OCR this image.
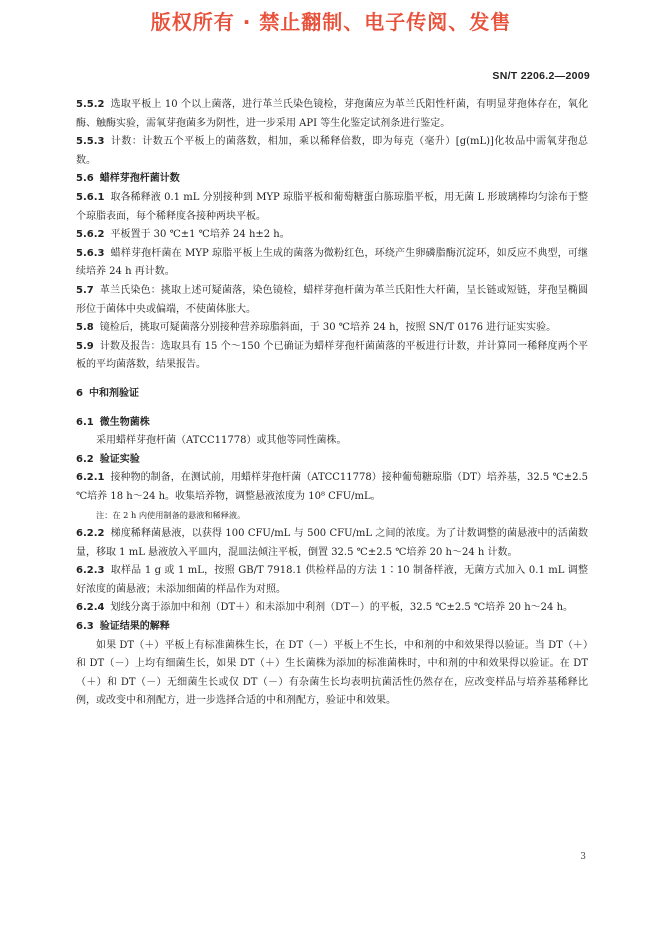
版权所有 · 禁止翻制、电子传阅、发售
SN/T 2206.2—2009

5.5.2 选取平板上 10 个以上菌落，进行革兰氏染色镜检，芽孢菌应为革兰氏阳性杆菌，有明显芽孢体存在，氧化酶、触酶实验，需氧芽孢菌多为阴性，进一步采用 API 等生化鉴定试剂条进行鉴定。

5.5.3 计数：计数五个平板上的菌落数，相加，乘以稀释倍数，即为每克（毫升）[g(mL)]化妆品中需氧芽孢总数。

5.6 蜡样芽孢杆菌计数

5.6.1 取各稀释液 0.1 mL 分别接种到 MYP 琼脂平板和葡萄糖蛋白胨琼脂平板，用无菌 L 形玻璃棒均匀涂布于整个琼脂表面，每个稀释度各接种两块平板。

5.6.2 平板置于 30 ℃±1 ℃培养 24 h±2 h。

5.6.3 蜡样芽孢杆菌在 MYP 琼脂平板上生成的菌落为微粉红色，环绕产生卵磷脂酶沉淀环，如反应不典型，可继续培养 24 h 再计数。

5.7 革兰氏染色：挑取上述可疑菌落，染色镜检，蜡样芽孢杆菌为革兰氏阳性大杆菌，呈长链或短链，芽孢呈椭圆形位于菌体中央或偏端，不使菌体胀大。

5.8 镜检后，挑取可疑菌落分别接种营养琼脂斜面，于 30 ℃培养 24 h，按照 SN/T 0176 进行证实实验。

5.9 计数及报告：选取具有 15 个～150 个已确证为蜡样芽孢杆菌菌落的平板进行计数，并计算同一稀释度两个平板的平均菌落数，结果报告。

6 中和剂验证

6.1 微生物菌株

采用蜡样芽孢杆菌（ATCC11778）或其他等同性菌株。

6.2 验证实验

6.2.1 接种物的制备，在测试前，用蜡样芽孢杆菌（ATCC11778）接种葡萄糖琼脂（DT）培养基，32.5 ℃±2.5 ℃培养 18 h～24 h。收集培养物，调整悬液浓度为 10⁸ CFU/mL。

注：在 2 h 内使用制备的悬液和稀释液。

6.2.2 梯度稀释菌悬液，以获得 100 CFU/mL 与 500 CFU/mL 之间的浓度。为了计数调整的菌悬液中的活菌数量，移取 1 mL 悬液放入平皿内，混皿法倾注平板，倒置 32.5 ℃±2.5 ℃培养 20 h～24 h 计数。

6.2.3 取样品 1 g 或 1 mL，按照 GB/T 7918.1 供检样品的方法 1∶10 制备样液，无菌方式加入 0.1 mL 调整好浓度的菌悬液；未添加细菌的样品作为对照。

6.2.4 划线分离于添加中和剂（DT＋）和未添加中利剂（DT－）的平板，32.5 ℃±2.5 ℃培养 20 h～24 h。

6.3 验证结果的解释

如果 DT（＋）平板上有标准菌株生长，在 DT（－）平板上不生长，中和剂的中和效果得以验证。当 DT（＋）和 DT（－）上均有细菌生长，如果 DT（＋）生长菌株为添加的标准菌株时，中和剂的中和效果得以验证。在 DT（＋）和 DT（－）无细菌生长或仅 DT（－）有杂菌生长均表明抗菌活性仍然存在，应改变样品与培养基稀释比例，或改变中和剂配方，进一步选择合适的中和剂配方，验证中和效果。

3
